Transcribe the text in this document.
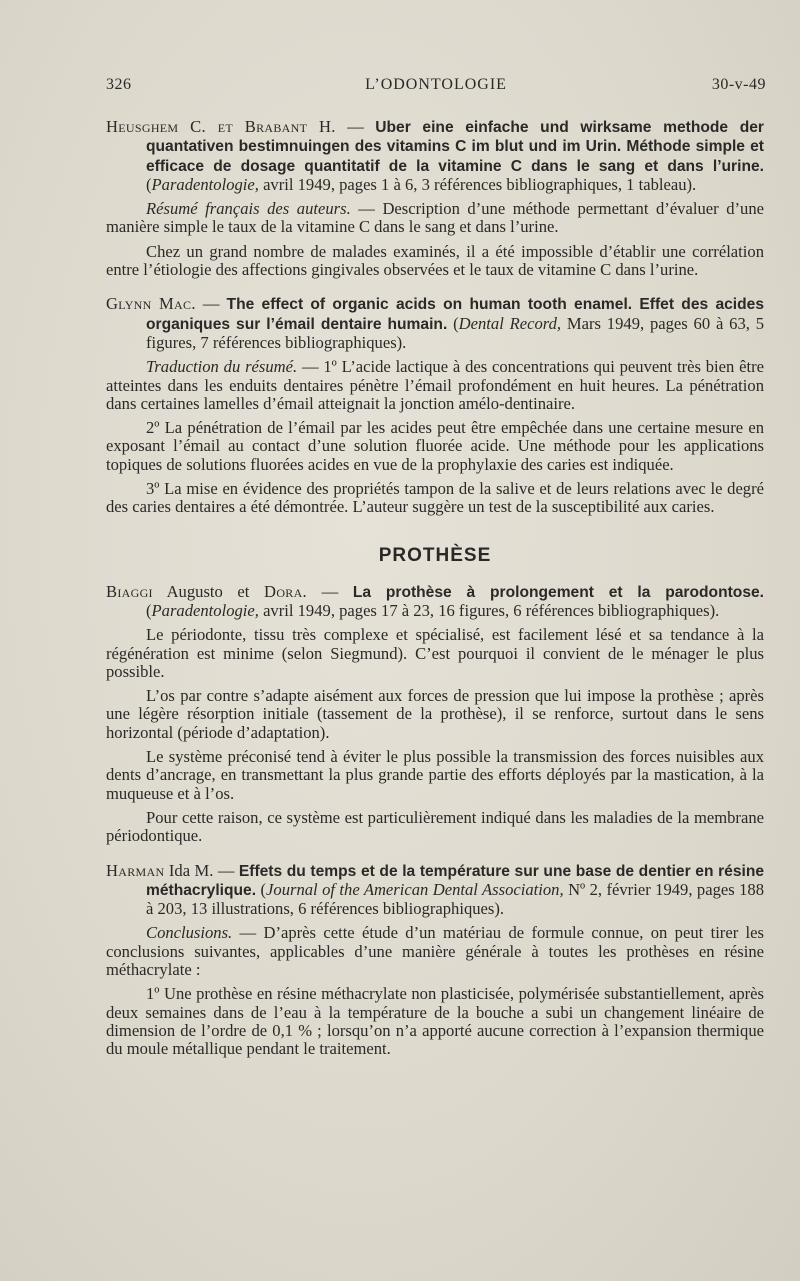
326	L’ODONTOLOGIE	30-v-49

Heusghem C. et Brabant H. — Uber eine einfache und wirksame methode der quantativen bestimnuingen des vitamins C im blut und im Urin. Méthode simple et efficace de dosage quantitatif de la vitamine C dans le sang et dans l’urine. (Paradentologie, avril 1949, pages 1 à 6, 3 références bibliographiques, 1 tableau).

Résumé français des auteurs. — Description d’une méthode permettant d’évaluer d’une manière simple le taux de la vitamine C dans le sang et dans l’urine.

Chez un grand nombre de malades examinés, il a été impossible d’établir une corrélation entre l’étiologie des affections gingivales observées et le taux de vitamine C dans l’urine.

Glynn Mac. — The effect of organic acids on human tooth enamel. Effet des acides organiques sur l’émail dentaire humain. (Dental Record, Mars 1949, pages 60 à 63, 5 figures, 7 références bibliographiques).

Traduction du résumé. — 1º L’acide lactique à des concentrations qui peuvent très bien être atteintes dans les enduits dentaires pénètre l’émail profondément en huit heures. La pénétration dans certaines lamelles d’émail atteignait la jonction amélo-dentinaire.

2º La pénétration de l’émail par les acides peut être empêchée dans une certaine mesure en exposant l’émail au contact d’une solution fluorée acide. Une méthode pour les applications topiques de solutions fluorées acides en vue de la prophylaxie des caries est indiquée.

3º La mise en évidence des propriétés tampon de la salive et de leurs relations avec le degré des caries dentaires a été démontrée. L’auteur suggère un test de la susceptibilité aux caries.

PROTHÈSE

Biaggi Augusto et Dora. — La prothèse à prolongement et la parodontose. (Paradentologie, avril 1949, pages 17 à 23, 16 figures, 6 références bibliographiques).

Le périodonte, tissu très complexe et spécialisé, est facilement lésé et sa tendance à la régénération est minime (selon Siegmund). C’est pourquoi il convient de le ménager le plus possible.

L’os par contre s’adapte aisément aux forces de pression que lui impose la prothèse ; après une légère résorption initiale (tassement de la prothèse), il se renforce, surtout dans le sens horizontal (période d’adaptation).

Le système préconisé tend à éviter le plus possible la transmission des forces nuisibles aux dents d’ancrage, en transmettant la plus grande partie des efforts déployés par la mastication, à la muqueuse et à l’os.

Pour cette raison, ce système est particulièrement indiqué dans les maladies de la membrane périodontique.

Harman Ida M. — Effets du temps et de la température sur une base de dentier en résine méthacrylique. (Journal of the American Dental Association, Nº 2, février 1949, pages 188 à 203, 13 illustrations, 6 références bibliographiques).

Conclusions. — D’après cette étude d’un matériau de formule connue, on peut tirer les conclusions suivantes, applicables d’une manière générale à toutes les prothèses en résine méthacrylate :

1º Une prothèse en résine méthacrylate non plasticisée, polymérisée substantiellement, après deux semaines dans de l’eau à la température de la bouche a subi un changement linéaire de dimension de l’ordre de 0,1 % ; lorsqu’on n’a apporté aucune correction à l’expansion thermique du moule métallique pendant le traitement.
